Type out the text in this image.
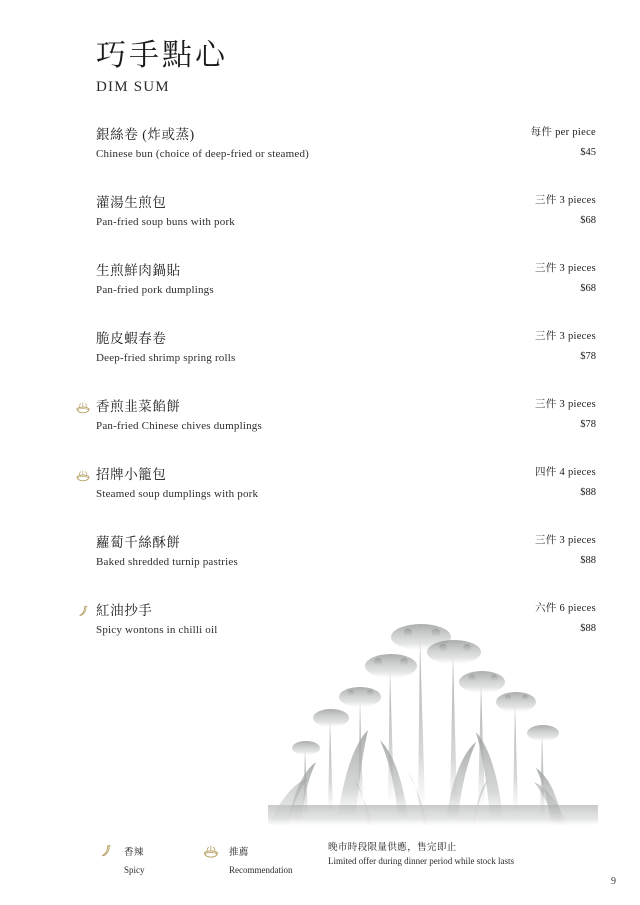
巧手點心
DIM SUM
銀絲卷 (炸或蒸)
Chinese bun (choice of deep-fried or steamed)
每件 per piece
$45
灌湯生煎包
Pan-fried soup buns with pork
三件 3 pieces
$68
生煎鮮肉鍋貼
Pan-fried pork dumplings
三件 3 pieces
$68
脆皮蝦春卷
Deep-fried shrimp spring rolls
三件 3 pieces
$78
香煎韭菜餡餅
Pan-fried Chinese chives dumplings
三件 3 pieces
$78
招牌小籠包
Steamed soup dumplings with pork
四件 4 pieces
$88
蘿蔔千絲酥餅
Baked shredded turnip pastries
三件 3 pieces
$88
紅油抄手
Spicy wontons in chilli oil
六件 6 pieces
$88
香辣
Spicy
推薦
Recommendation
晚市時段限量供應，售完即止
Limited offer during dinner period while stock lasts
9
